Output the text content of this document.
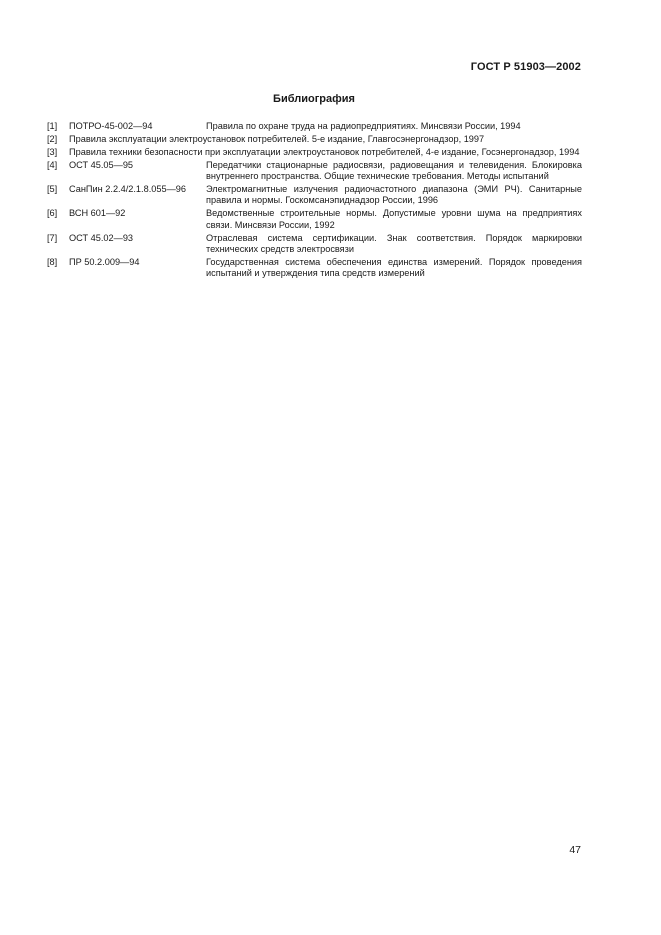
ГОСТ Р 51903—2002
Библиография
[1]	ПОТРО-45-002—94	Правила по охране труда на радиопредприятиях. Минсвязи России, 1994
[2]	Правила эксплуатации электроустановок потребителей. 5-е издание, Главгосэнергонадзор, 1997
[3]	Правила техники безопасности при эксплуатации электроустановок потребителей, 4-е издание, Госэнергонадзор, 1994
[4]	ОСТ 45.05—95	Передатчики стационарные радиосвязи, радиовещания и телевидения. Блокировка внутреннего пространства. Общие технические требования. Методы испытаний
[5]	СанПин 2.2.4/2.1.8.055—96	Электромагнитные излучения радиочастотного диапазона (ЭМИ РЧ). Санитарные правила и нормы. Госкомсанэпиднадзор России, 1996
[6]	ВСН 601—92	Ведомственные строительные нормы. Допустимые уровни шума на предприятиях связи. Минсвязи России, 1992
[7]	ОСТ 45.02—93	Отраслевая система сертификации. Знак соответствия. Порядок маркировки технических средств электросвязи
[8]	ПР 50.2.009—94	Государственная система обеспечения единства измерений. Порядок проведения испытаний и утверждения типа средств измерений
47
